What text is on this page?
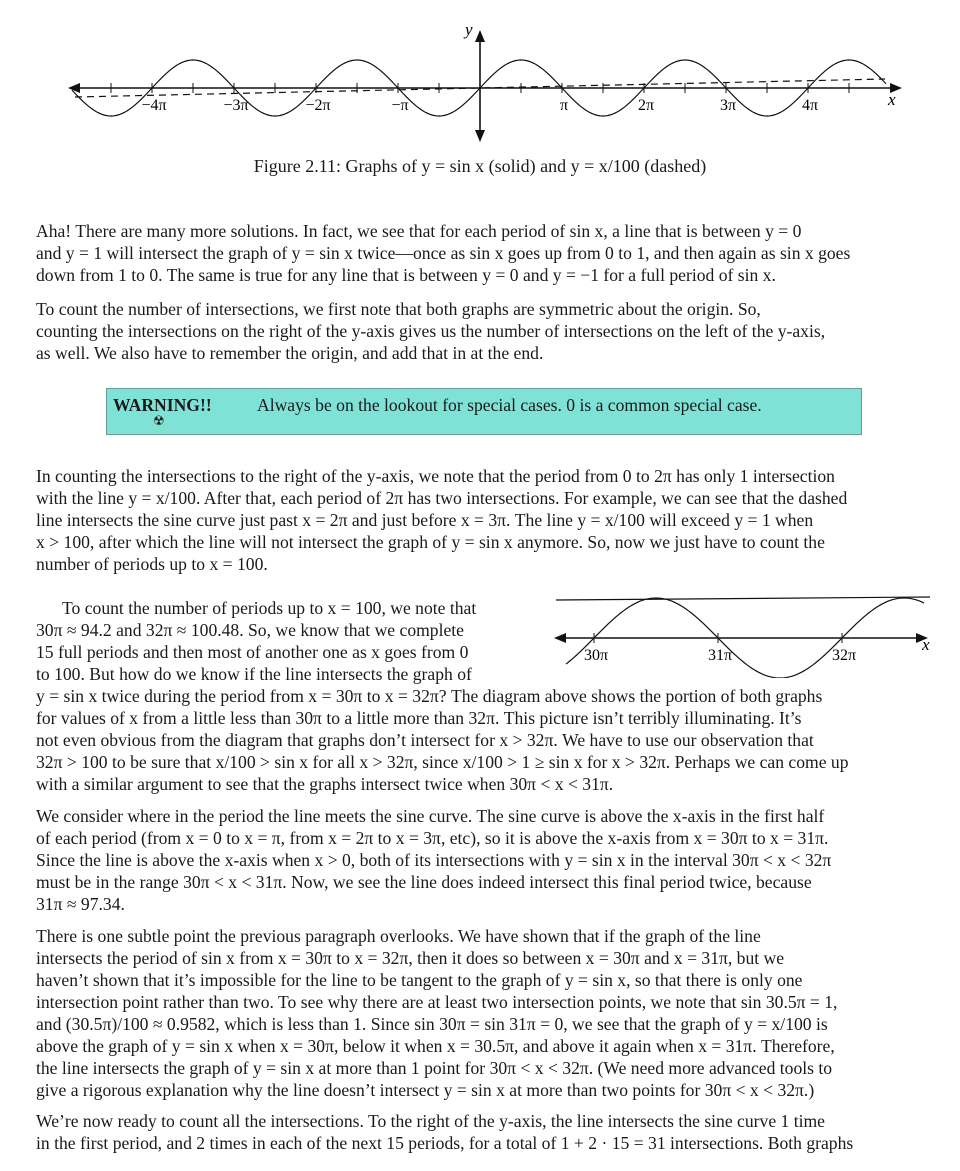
y
x
−4π	−3π	−2π	−π	π	2π	3π	4π
Figure 2.11: Graphs of y = sin x (solid) and y = x/100 (dashed)

Aha! There are many more solutions. In fact, we see that for each period of sin x, a line that is between y = 0
and y = 1 will intersect the graph of y = sin x twice—once as sin x goes up from 0 to 1, and then again as sin x goes
down from 1 to 0. The same is true for any line that is between y = 0 and y = −1 for a full period of sin x.

To count the number of intersections, we first note that both graphs are symmetric about the origin. So,
counting the intersections on the right of the y-axis gives us the number of intersections on the left of the y-axis,
as well. We also have to remember the origin, and add that in at the end.

WARNING!!
☢
Always be on the lookout for special cases. 0 is a common special case.

In counting the intersections to the right of the y-axis, we note that the period from 0 to 2π has only 1 intersection
with the line y = x/100. After that, each period of 2π has two intersections. For example, we can see that the dashed
line intersects the sine curve just past x = 2π and just before x = 3π. The line y = x/100 will exceed y = 1 when
x > 100, after which the line will not intersect the graph of y = sin x anymore. So, now we just have to count the
number of periods up to x = 100.

To count the number of periods up to x = 100, we note that
30π ≈ 94.2 and 32π ≈ 100.48. So, we know that we complete
15 full periods and then most of another one as x goes from 0
to 100. But how do we know if the line intersects the graph of

x
30π	31π	32π

y = sin x twice during the period from x = 30π to x = 32π? The diagram above shows the portion of both graphs
for values of x from a little less than 30π to a little more than 32π. This picture isn’t terribly illuminating. It’s
not even obvious from the diagram that graphs don’t intersect for x > 32π. We have to use our observation that
32π > 100 to be sure that x/100 > sin x for all x > 32π, since x/100 > 1 ≥ sin x for x > 32π. Perhaps we can come up
with a similar argument to see that the graphs intersect twice when 30π < x < 31π.

We consider where in the period the line meets the sine curve. The sine curve is above the x-axis in the first half
of each period (from x = 0 to x = π, from x = 2π to x = 3π, etc), so it is above the x-axis from x = 30π to x = 31π.
Since the line is above the x-axis when x > 0, both of its intersections with y = sin x in the interval 30π < x < 32π
must be in the range 30π < x < 31π. Now, we see the line does indeed intersect this final period twice, because
31π ≈ 97.34.

There is one subtle point the previous paragraph overlooks. We have shown that if the graph of the line
intersects the period of sin x from x = 30π to x = 32π, then it does so between x = 30π and x = 31π, but we
haven’t shown that it’s impossible for the line to be tangent to the graph of y = sin x, so that there is only one
intersection point rather than two. To see why there are at least two intersection points, we note that sin 30.5π = 1,
and (30.5π)/100 ≈ 0.9582, which is less than 1. Since sin 30π = sin 31π = 0, we see that the graph of y = x/100 is
above the graph of y = sin x when x = 30π, below it when x = 30.5π, and above it again when x = 31π. Therefore,
the line intersects the graph of y = sin x at more than 1 point for 30π < x < 32π. (We need more advanced tools to
give a rigorous explanation why the line doesn’t intersect y = sin x at more than two points for 30π < x < 32π.)

We’re now ready to count all the intersections. To the right of the y-axis, the line intersects the sine curve 1 time
in the first period, and 2 times in each of the next 15 periods, for a total of 1 + 2 · 15 = 31 intersections. Both graphs
